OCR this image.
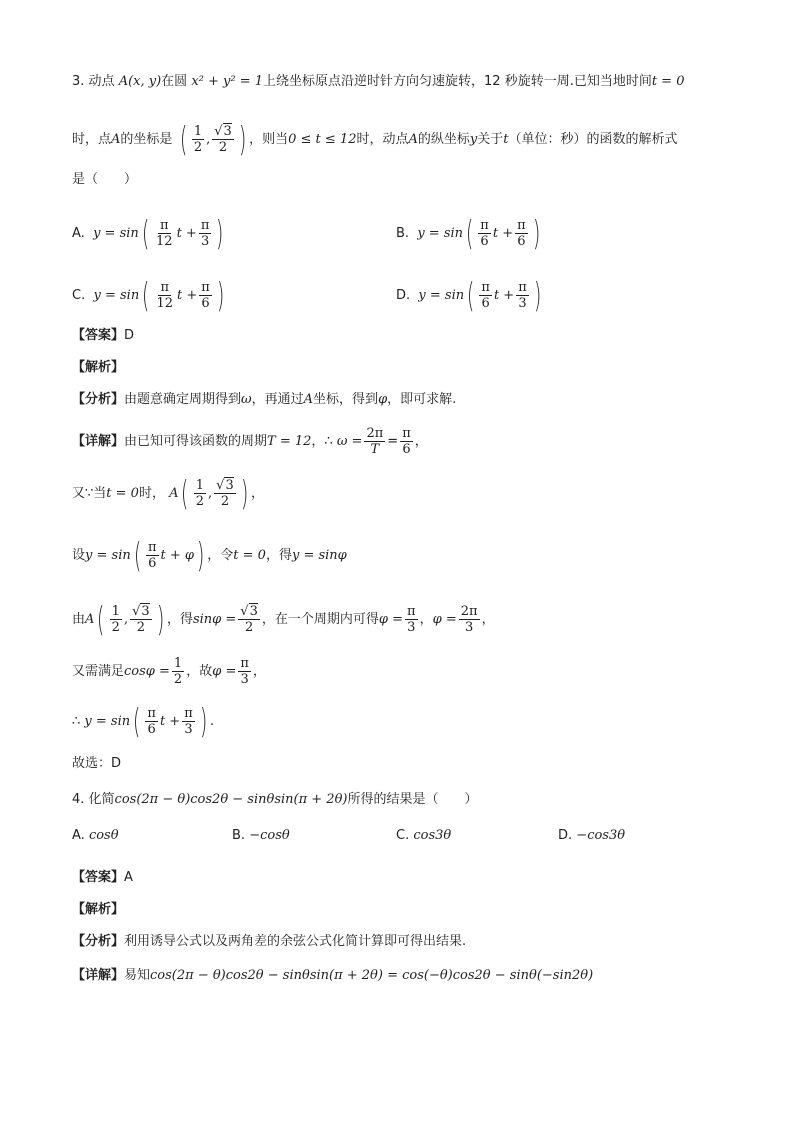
3. 动点 A(x, y)在圆 x² + y² = 1上绕坐标原点沿逆时针方向匀速旋转，12 秒旋转一周.已知当地时间t = 0
时，点A的坐标是 ( $\frac{1}{2}$ , $\frac{√3}{2}$ ) ，则当0 ≤ t ≤ 12时，动点A的纵坐标y关于t（单位：秒）的函数的解析式
是（　　）
A. $y = \sin( \frac{\pi}{12}$ $t + \frac{\pi}{3}$ )	B. $y = \sin( \frac{\pi}{6}$ $t + \frac{\pi}{6}$ )
C. $y = \sin( \frac{\pi}{12}$ $t + \frac{\pi}{6}$ )	D. $y = \sin( \frac{\pi}{6}$ $t + \frac{\pi}{3}$ )
【答案】D
【解析】
【分析】由题意确定周期得到ω，再通过A坐标，得到φ，即可求解.
【详解】由已知可得该函数的周期T = 12，∴ $\omega = \frac{2\pi}{T} = \frac{\pi}{6}$ ，
又∵当t = 0时， $A( \frac{1}{2}$ , $\frac{√3}{2}$ ) ，
设$y = \sin( \frac{\pi}{6}$ t + φ) ，令t = 0，得y = sinφ
由$A( \frac{1}{2}$ , $\frac{√3}{2}$ ) ，得$\sin\varphi = \frac{√3}{2}$ ，在一个周期内可得$\varphi = \frac{\pi}{3}$ ，$\varphi = \frac{2\pi}{3}$ ，
又需满足$\cos\varphi = \frac{1}{2}$ ，故$\varphi = \frac{\pi}{3}$ ，
∴ $y = \sin( \frac{\pi}{6}$ $t + \frac{\pi}{3}$ ) .
故选：D
4. 化简cos(2π − θ)cos2θ − sinθsin(π + 2θ)所得的结果是（　　）
A. cosθ	B. −cosθ	C. cos3θ	D. −cos3θ
【答案】A
【解析】
【分析】利用诱导公式以及两角差的余弦公式化简计算即可得出结果.
【详解】易知cos(2π − θ)cos2θ − sinθsin(π + 2θ) = cos(−θ)cos2θ − sinθ(−sin2θ)
